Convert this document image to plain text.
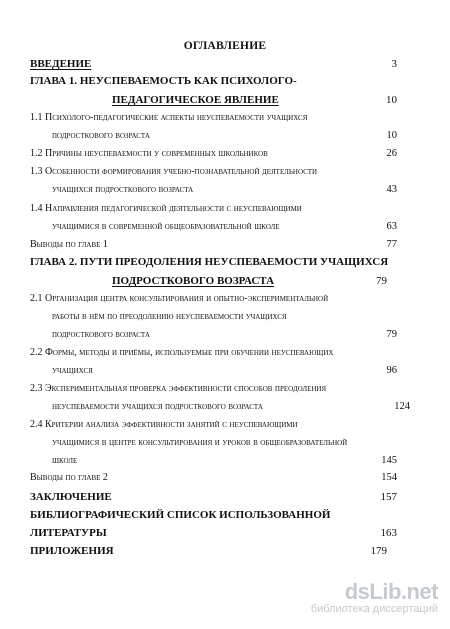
ОГЛАВЛЕНИЕ
ВВЕДЕНИЕ	3
ГЛАВА 1. НЕУСПЕВАЕМОСТЬ КАК ПСИХОЛОГО-
ПЕДАГОГИЧЕСКОЕ ЯВЛЕНИЕ	10
1.1 Психолого-педагогические аспекты неуспеваемости учащихся
подросткового возраста	10
1.2 Причины неуспеваемости у современных школьников	26
1.3 Особенности формирования учебно-познавательной деятельности
учащихся подросткового возраста	43
1.4 Направления педагогической деятельности с неуспевающими
учащимися в современной общеобразовательной школе	63
Выводы по главе 1	77
ГЛАВА 2. ПУТИ ПРЕОДОЛЕНИЯ НЕУСПЕВАЕМОСТИ УЧАЩИХСЯ
ПОДРОСТКОВОГО ВОЗРАСТА	79
2.1 Организация центра консультирования и опытно-экспериментальной
работы в нём по преодолению неуспеваемости учащихся
подросткового возраста	79
2.2 Формы, методы и приёмы, используемые при обучении неуспевающих
учащихся	96
2.3 Экспериментальная проверка эффективности способов преодоления
неуспеваемости учащихся подросткового возраста	124
2.4 Критерии анализа эффективности занятий с неуспевающими
учащимися в центре консультирования и уроков в общеобразовательной
школе	145
Выводы по главе 2	154
ЗАКЛЮЧЕНИЕ	157
БИБЛИОГРАФИЧЕСКИЙ СПИСОК ИСПОЛЬЗОВАННОЙ
ЛИТЕРАТУРЫ	163
ПРИЛОЖЕНИЯ	179
dsLib.net
библиотека диссертаций
